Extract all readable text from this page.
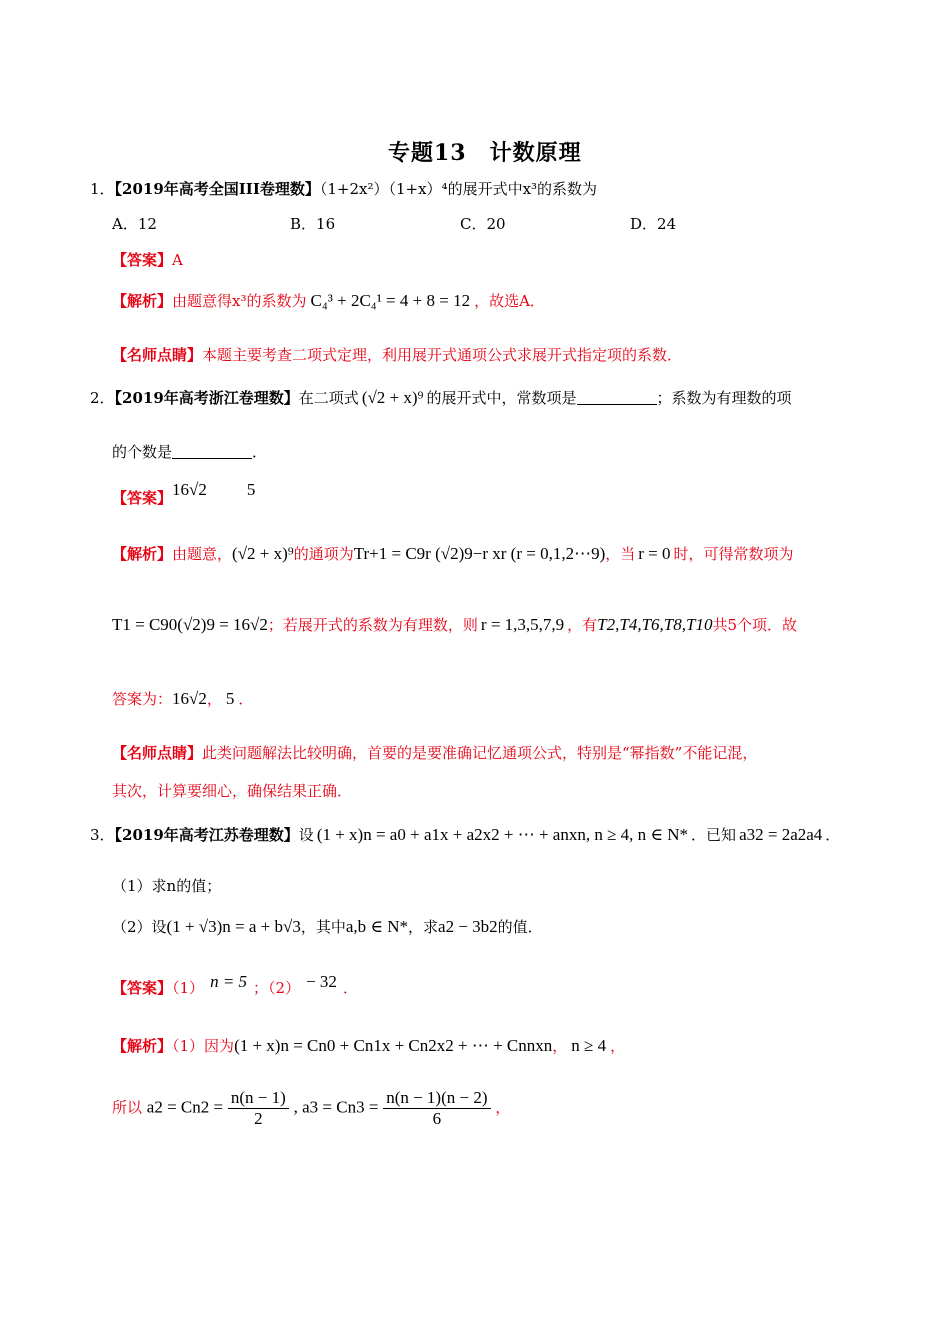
专题13　计数原理
1．【2019年高考全国III卷理数】（1+2x²）（1+x）⁴的展开式中x³的系数为
A．12	B．16	C．20	D．24
【答案】A
【解析】由题意得x³的系数为 C₄³ + 2C₄¹ = 4 + 8 = 12 ，故选A．
【名师点睛】本题主要考查二项式定理，利用展开式通项公式求展开式指定项的系数．
2．【2019年高考浙江卷理数】在二项式 (√2 + x)⁹ 的展开式中，常数项是	；系数为有理数的项
的个数是	．
【答案】16√2 5
【解析】由题意，(√2 + x)⁹的通项为Tr+1 = C9r (√2)9−r xr (r = 0,1,2⋯9)，当 r = 0 时，可得常数项为
T1 = C90(√2)9 = 16√2；若展开式的系数为有理数，则 r = 1,3,5,7,9 ，有T2,T4,T6,T8,T10共5个项．故
答案为：16√2， 5 ．
【名师点睛】此类问题解法比较明确，首要的是要准确记忆通项公式，特别是“幂指数”不能记混，
其次，计算要细心，确保结果正确．
3．【2019年高考江苏卷理数】设 (1 + x)n = a0 + a1x + a2x2 + ⋯ + anxn, n ≥ 4, n ∈ N* ．已知 a32 = 2a2a4 ．
（1）求n的值；
（2）设(1 + √3)n = a + b√3，其中a,b ∈ N*，求a2 − 3b2的值．
【答案】（1） n = 5 ；（2） − 32 ．
【解析】（1）因为(1 + x)n = Cn0 + Cn1x + Cn2x2 + ⋯ + Cnnxn， n ≥ 4 ，
所以 $a2 = Cn2 = \frac{n(n - 1)}{2}$ , $a3 = Cn3 = \frac{n(n - 1)(n - 2)}{6}$ ，
